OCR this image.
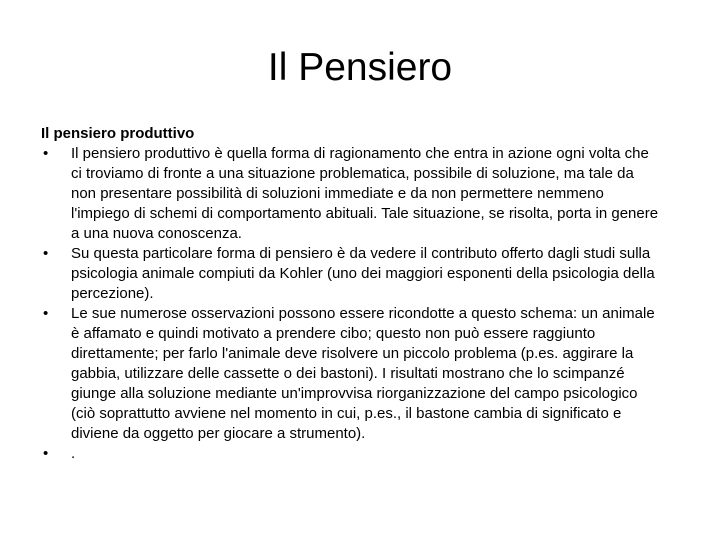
Il Pensiero

Il pensiero produttivo

•	Il pensiero produttivo è quella forma di ragionamento che entra in azione ogni volta che ci troviamo di fronte a una situazione problematica, possibile di soluzione, ma tale da non presentare possibilità di soluzioni immediate e da non permettere nemmeno l'impiego di schemi di comportamento abituali. Tale situazione, se risolta, porta in genere a una nuova conoscenza.
•	Su questa particolare forma di pensiero è da vedere il contributo offerto dagli studi sulla psicologia animale compiuti da Kohler (uno dei maggiori esponenti della psicologia della percezione).
•	Le sue numerose osservazioni possono essere ricondotte a questo schema: un animale è affamato e quindi motivato a prendere cibo; questo non può essere raggiunto direttamente; per farlo l'animale deve risolvere un piccolo problema (p.es. aggirare la gabbia, utilizzare delle cassette o dei bastoni). I risultati mostrano che lo scimpanzé giunge alla soluzione mediante un'improvvisa riorganizzazione del campo psicologico (ciò soprattutto avviene nel momento in cui, p.es., il bastone cambia di significato e diviene da oggetto per giocare a strumento).
•	.
